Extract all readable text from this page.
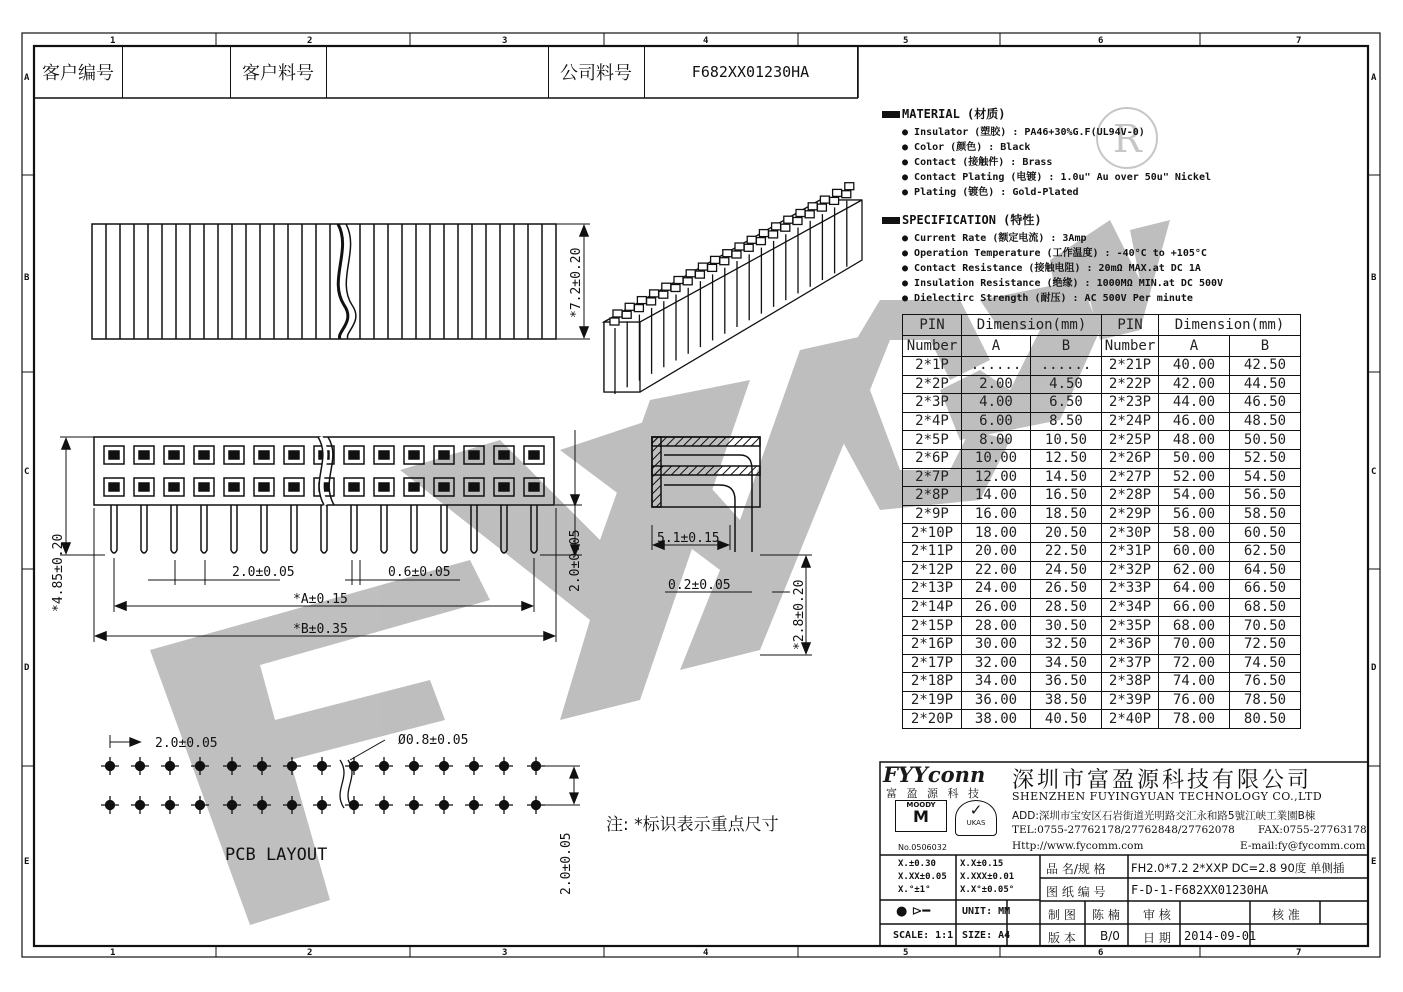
R
1	2	3	4	5	6	7
1	2	3	4	5	6	7
A
B
C
D
E
A
B
C
D
E
*7.2±0.20
*4.85±0.20	2.0±0.05	0.6±0.05
*A±0.15
*B±0.35
2.0±0.05	5.1±0.15
0.2±0.05	*2.8±0.20
2.0±0.05	Ø0.8±0.05
2.0±0.05
客户编号	客户料号	公司料号	F682XX01230HA
MATERIAL (材质)
● Insulator (塑胶) : PA46+30%G.F(UL94V-0)
● Color (颜色) : Black
● Contact (接触件) : Brass
● Contact Plating (电镀) : 1.0u" Au over 50u" Nickel
● Plating (镀色) : Gold-Plated
SPECIFICATION (特性)
● Current Rate (额定电流) : 3Amp
● Operation Temperature (工作温度) : -40°C to +105°C
● Contact Resistance (接触电阻) : 20mΩ MAX.at DC 1A
● Insulation Resistance (绝缘) : 1000MΩ MIN.at DC 500V
● Dielectirc Strength (耐压) : AC 500V Per minute
PIN	Dimension(mm)		PIN	Dimension(mm)	
Number	A	B	Number	A	B
2*1P	......	......	2*21P	40.00	42.50
2*2P	2.00	4.50	2*22P	42.00	44.50
2*3P	4.00	6.50	2*23P	44.00	46.50
2*4P	6.00	8.50	2*24P	46.00	48.50
2*5P	8.00	10.50	2*25P	48.00	50.50
2*6P	10.00	12.50	2*26P	50.00	52.50
2*7P	12.00	14.50	2*27P	52.00	54.50
2*8P	14.00	16.50	2*28P	54.00	56.50
2*9P	16.00	18.50	2*29P	56.00	58.50
2*10P	18.00	20.50	2*30P	58.00	60.50
2*11P	20.00	22.50	2*31P	60.00	62.50
2*12P	22.00	24.50	2*32P	62.00	64.50
2*13P	24.00	26.50	2*33P	64.00	66.50
2*14P	26.00	28.50	2*34P	66.00	68.50
2*15P	28.00	30.50	2*35P	68.00	70.50
2*16P	30.00	32.50	2*36P	70.00	72.50
2*17P	32.00	34.50	2*37P	72.00	74.50
2*18P	34.00	36.50	2*38P	74.00	76.50
2*19P	36.00	38.50	2*39P	76.00	78.50
2*20P	38.00	40.50	2*40P	78.00	80.50
注: *标识表示重点尺寸
PCB LAYOUT
FYYconn
富 盈 源 科 技
深圳市富盈源科技有限公司
SHENZHEN FUYINGYUAN TECHNOLOGY CO.,LTD
ADD:深圳市宝安区石岩街道光明路交汇永和路5號江峡工業園B棟
TEL:0755-27762178/27762848/27762078 FAX:0755-27763178
Http://www.fycomm.com	E-mail:fy@fycomm.com
MOODY
M	✓
UKAS
No.0506032
X.±0.30	X.X±0.15
X.XX±0.05 X.XXX±0.01
X.°±1°	X.X°±0.05°
● ⊳━	UNIT: MM
SCALE: 1:1 SIZE: A4
品 名/规 格 FH2.0*7.2 2*XXP DC=2.8 90度 单侧插
图 纸 编 号 F-D-1-F682XX01230HA
制 图 陈 楠 审 核	核 准
版 本 B/0 日 期 2014-09-01
